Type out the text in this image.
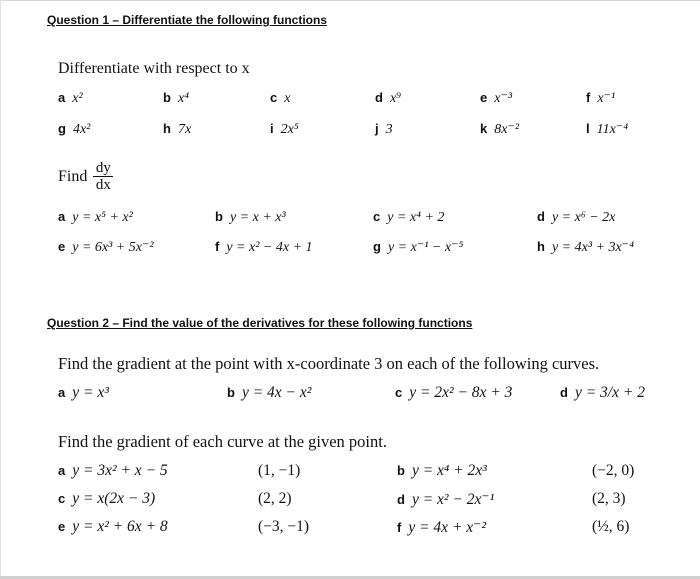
Question 1 – Differentiate the following functions
Differentiate with respect to x
a x²	b x⁴	c x	d x⁹	e x⁻³	f x⁻¹
g 4x²	h 7x	i 2x⁵	j 3	k 8x⁻²	l 11x⁻⁴
Find dy
dx
a y = x⁵ + x²	b y = x + x³	c y = x⁴ + 2	d y = x⁶ − 2x
e y = 6x³ + 5x⁻²	f y = x² − 4x + 1	g y = x⁻¹ − x⁻⁵	h y = 4x³ + 3x⁻⁴
Question 2 – Find the value of the derivatives for these following functions
Find the gradient at the point with x-coordinate 3 on each of the following curves.
a y = x³	b y = 4x − x²	c y = 2x² − 8x + 3	d y = 3/x + 2
Find the gradient of each curve at the given point.
a y = 3x² + x − 5	(1, −1)	b y = x⁴ + 2x³	(−2, 0)
c y = x(2x − 3)	(2, 2)	d y = x² − 2x⁻¹	(2, 3)
e y = x² + 6x + 8	(−3, −1)	f y = 4x + x⁻²	(½, 6)
